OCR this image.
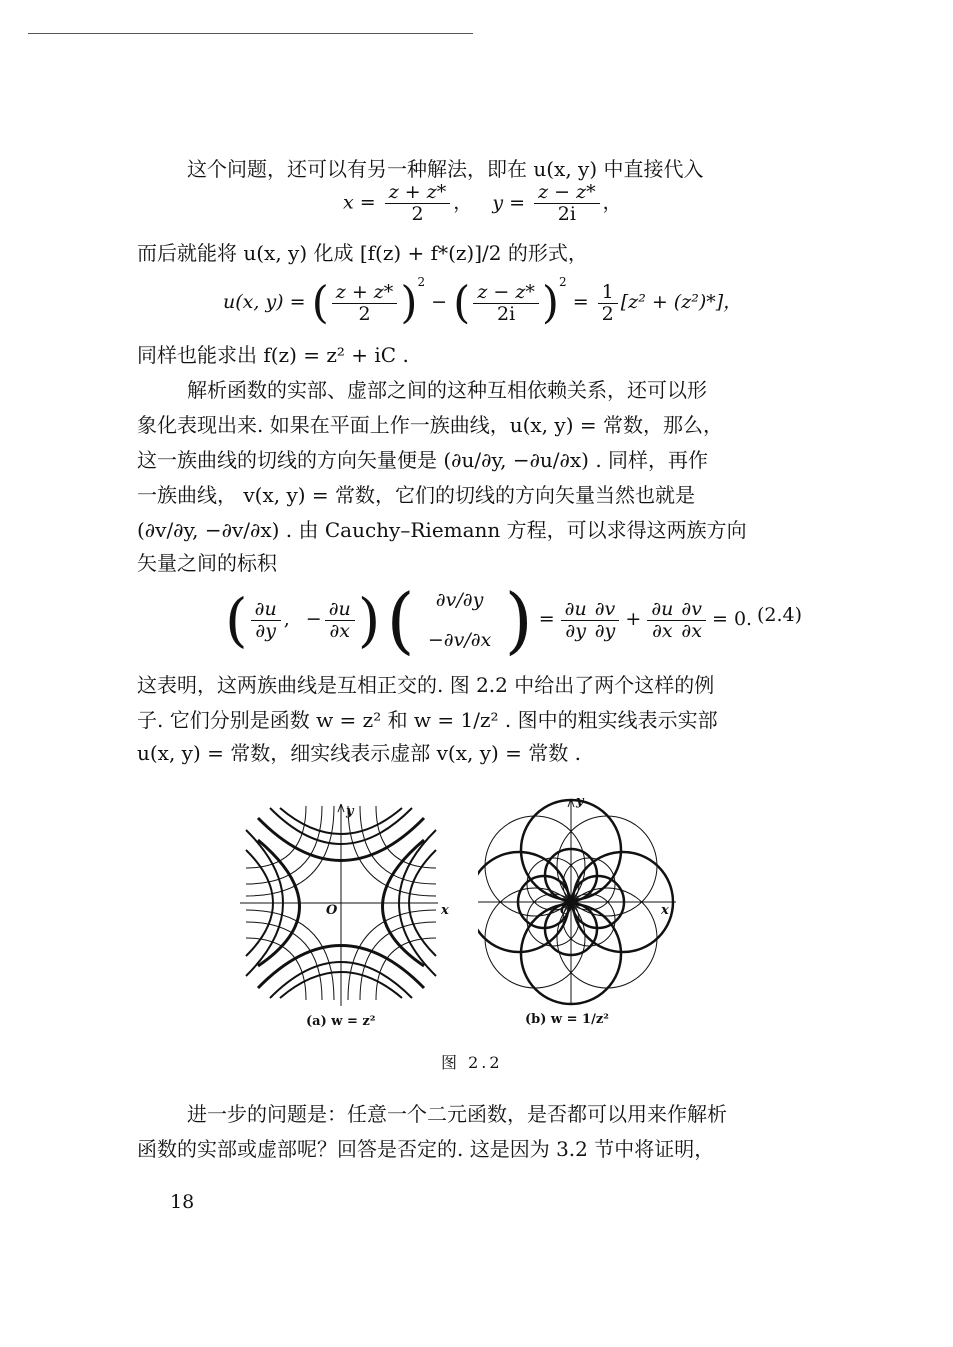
这个问题，还可以有另一种解法，即在 u(x, y) 中直接代入
$x = \frac{z + z*}{2}$ ， $y = \frac{z - z*}{2i}$ ，
而后就能将 u(x, y) 化成 [f(z) + f*(z)]/2 的形式，
u(x, y) = ( $\frac{z + z*}{2} )^2$ − ( $\frac{z - z*}{2i} )^2 = \frac{1}{2} [z^2 + (z^2)*]$，
同样也能求出 f(z) = z² + iC .
解析函数的实部、虚部之间的这种互相依赖关系，还可以形
象化表现出来. 如果在平面上作一族曲线，u(x, y) = 常数，那么，
这一族曲线的切线的方向矢量便是 (∂u/∂y, −∂u/∂x) . 同样，再作
一族曲线， v(x, y) = 常数，它们的切线的方向矢量当然也就是
(∂v/∂y, −∂v/∂x) . 由 Cauchy–Riemann 方程，可以求得这两族方向
矢量之间的标积
( $\frac{\partial u}{\partial y}$ , − $\frac{\partial u}{\partial x}$ ) (	∂v/∂y
−∂v/∂x ) = $\frac{\partial u}{\partial y} \frac{\partial v}{\partial y} + \frac{\partial u}{\partial x} \frac{\partial v}{\partial x} = 0$. (2.4)
这表明，这两族曲线是互相正交的. 图 2.2 中给出了两个这样的例
子. 它们分别是函数 w = z² 和 w = 1/z² . 图中的粗实线表示实部
u(x, y) = 常数，细实线表示虚部 v(x, y) = 常数 .
x
y
O	x
y
O
(a) w = z²	(b) w = 1/z²
图 2.2
进一步的问题是：任意一个二元函数，是否都可以用来作解析
函数的实部或虚部呢？回答是否定的. 这是因为 3.2 节中将证明，
18
